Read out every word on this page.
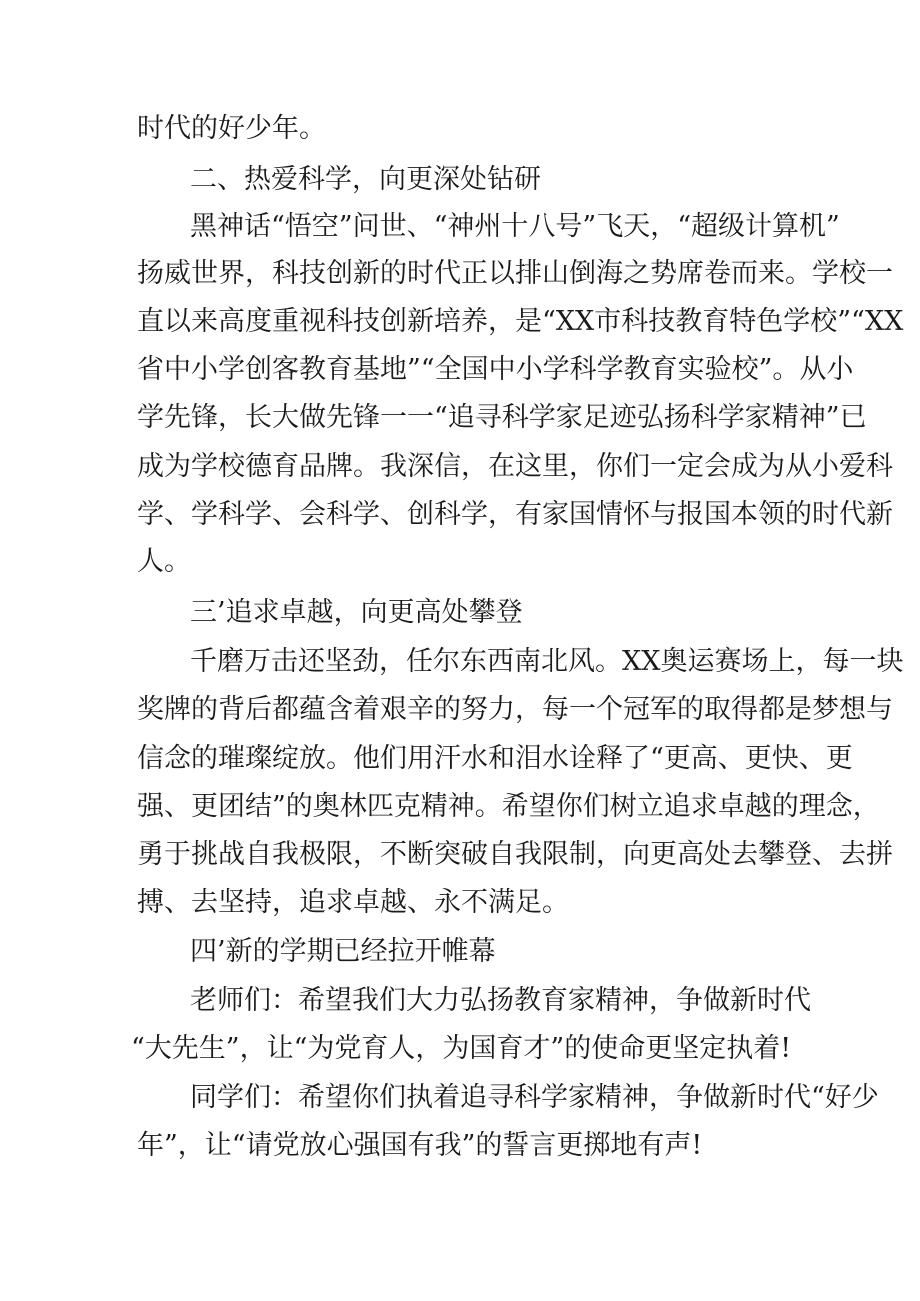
时代的好少年。
二、热爱科学，向更深处钻研
黑神话“悟空”问世、“神州十八号”飞天，“超级计算机”
扬威世界，科技创新的时代正以排山倒海之势席卷而来。学校一
直以来高度重视科技创新培养，是“XX市科技教育特色学校”“XX
省中小学创客教育基地”“全国中小学科学教育实验校”。从小
学先锋，长大做先锋一一“追寻科学家足迹弘扬科学家精神”已
成为学校德育品牌。我深信，在这里，你们一定会成为从小爱科
学、学科学、会科学、创科学，有家国情怀与报国本领的时代新
人。
三’追求卓越，向更高处攀登
千磨万击还坚劲，任尔东西南北风。XX奥运赛场上，每一块
奖牌的背后都蕴含着艰辛的努力，每一个冠军的取得都是梦想与
信念的璀璨绽放。他们用汗水和泪水诠释了“更高、更快、更
强、更团结”的奥林匹克精神。希望你们树立追求卓越的理念，
勇于挑战自我极限，不断突破自我限制，向更高处去攀登、去拼
搏、去坚持，追求卓越、永不满足。
四’新的学期已经拉开帷幕
老师们：希望我们大力弘扬教育家精神，争做新时代
“大先生”，让“为党育人，为国育才”的使命更坚定执着!
同学们：希望你们执着追寻科学家精神，争做新时代“好少
年”，让“请党放心强国有我”的誓言更掷地有声!
